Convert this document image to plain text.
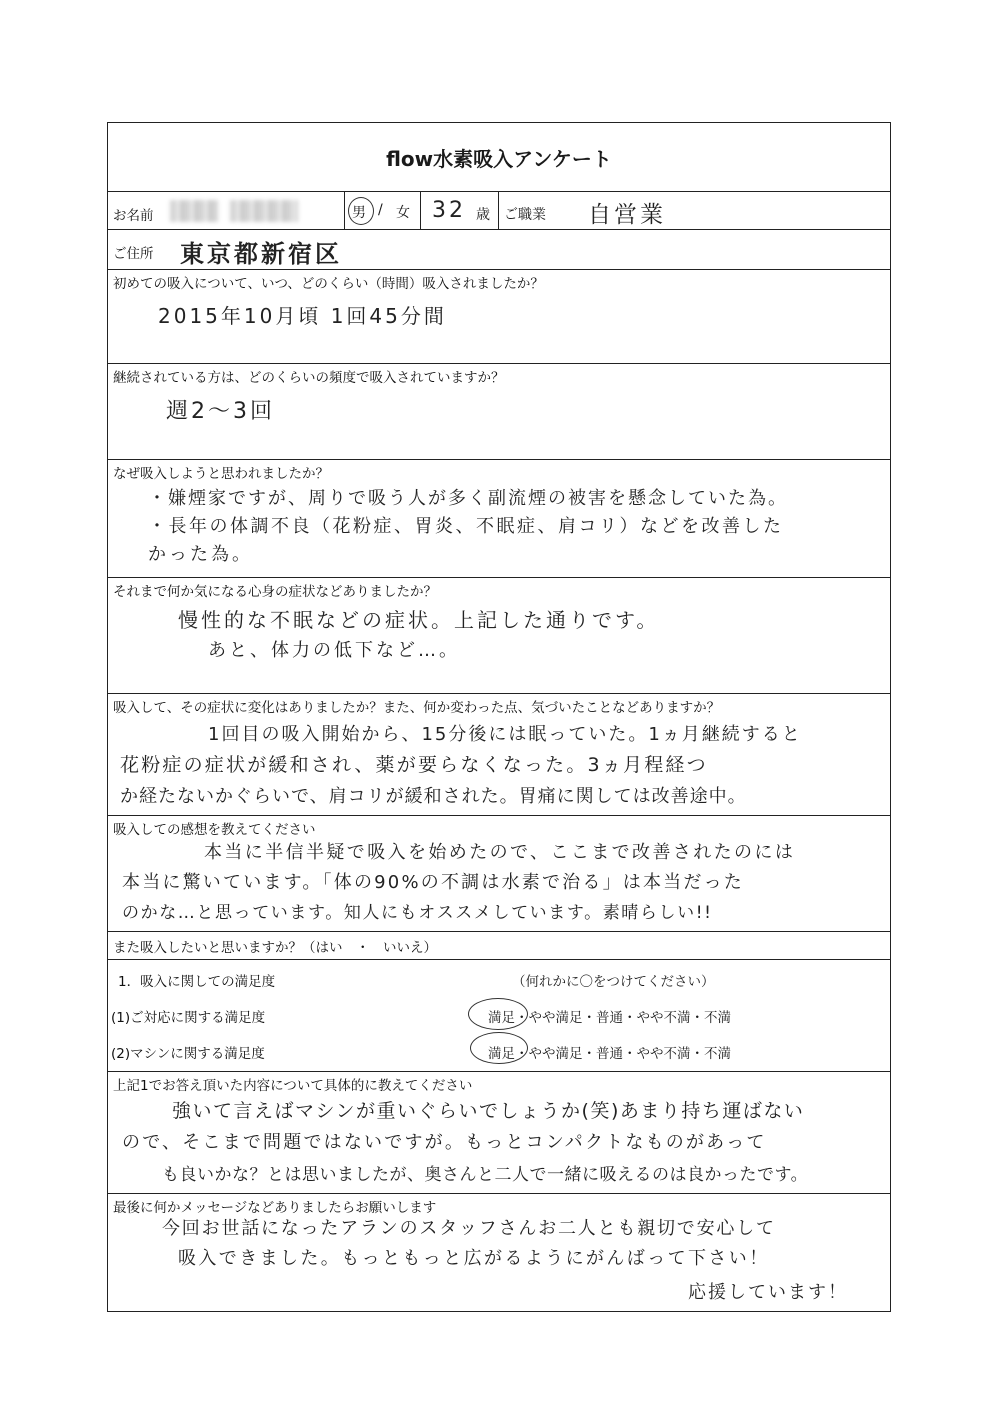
flow水素吸入アンケート
お名前	男 / 女 32 歳 ご職業 自営業
ご住所 東京都新宿区
初めての吸入について、いつ、どのくらい（時間）吸入されましたか？
2015年10月頃 1回45分間
継続されている方は、どのくらいの頻度で吸入されていますか？
週2〜3回
なぜ吸入しようと思われましたか？
・嫌煙家ですが、周りで吸う人が多く副流煙の被害を懸念していた為。
・長年の体調不良（花粉症、胃炎、不眠症、肩コリ）などを改善した
かった為。
それまで何か気になる心身の症状などありましたか？
慢性的な不眠などの症状。上記した通りです。
あと、体力の低下など…。
吸入して、その症状に変化はありましたか？また、何か変わった点、気づいたことなどありますか？
1回目の吸入開始から、15分後には眠っていた。1ヵ月継続すると
花粉症の症状が緩和され、薬が要らなくなった。3ヵ月程経つ
か経たないかぐらいで、肩コリが緩和された。胃痛に関しては改善途中。
吸入しての感想を教えてください
本当に半信半疑で吸入を始めたので、ここまで改善されたのには
本当に驚いています。「体の90%の不調は水素で治る」は本当だった
のかな…と思っています。知人にもオススメしています。素晴らしい!!
また吸入したいと思いますか？（はい　・　いいえ）
1．吸入に関しての満足度	（何れかに〇をつけてください）
(1)ご対応に関する満足度	満足・やや満足・普通・やや不満・不満
(2)マシンに関する満足度	満足・やや満足・普通・やや不満・不満
上記1でお答え頂いた内容について具体的に教えてください
強いて言えばマシンが重いぐらいでしょうか(笑)あまり持ち運ばない
ので、そこまで問題ではないですが。もっとコンパクトなものがあって
も良いかな？とは思いましたが、奥さんと二人で一緒に吸えるのは良かったです。
最後に何かメッセージなどありましたらお願いします
今回お世話になったアランのスタッフさんお二人とも親切で安心して
吸入できました。もっともっと広がるようにがんばって下さい！
応援しています！
